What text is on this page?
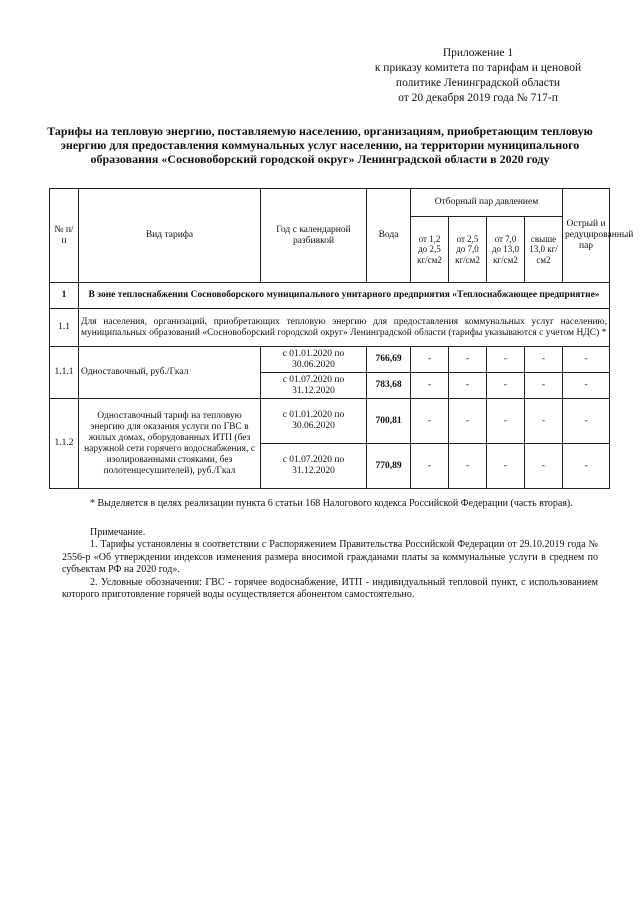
Приложение 1
к приказу комитета по тарифам и ценовой
политике Ленинградской области
от 20 декабря 2019 года № 717-п
Тарифы на тепловую энергию, поставляемую населению, организациям, приобретающим тепловую энергию для предоставления коммунальных услуг населению, на территории муниципального образования «Сосновоборский городской округ» Ленинградской области в 2020 году
№ п/п	Вид тарифа	Год с календарной разбивкой	Вода	Отборный пар давлением				Острый и редуцированный пар
				от 1,2 до 2,5 кг/см2	от 2,5 до 7,0 кг/см2	от 7,0 до 13,0 кг/см2	свыше 13,0 кг/см2	
1	В зоне теплоснабжения Сосновоборского муниципального унитарного предприятия «Теплоснабжающее предприятие»							
1.1	Для населения, организаций, приобретающих тепловую энергию для предоставления коммунальных услуг населению, муниципальных образований «Сосновоборский городской округ» Ленинградской области (тарифы указываются с учетом НДС) *							
1.1.1	Одноставочный, руб./Гкал	с 01.01.2020 по 30.06.2020	766,69	-	-	-	-	-
		с 01.07.2020 по 31.12.2020	783,68	-	-	-	-	-
1.1.2	Одноставочный тариф на тепловую энергию для оказания услуги по ГВС в жилых домах, оборудованных ИТП (без наружной сети горячего водоснабжения, с изолированными стояками, без полотенцесушителей), руб./Гкал	с 01.01.2020 по 30.06.2020	700,81	-	-	-	-	-
		с 01.07.2020 по 31.12.2020	770,89	-	-	-	-	-

* Выделяется в целях реализации пункта 6 статьи 168 Налогового кодекса Российской Федерации (часть вторая).

Примечание.

1. Тарифы установлены в соответствии с Распоряжением Правительства Российской Федерации от 29.10.2019 года № 2556-р «Об утверждении индексов изменения размера вносимой гражданами платы за коммунальные услуги в среднем по субъектам РФ на 2020 год».

2. Условные обозначения: ГВС - горячее водоснабжение, ИТП - индивидуальный тепловой пункт, с использованием которого приготовление горячей воды осуществляется абонентом самостоятельно.
